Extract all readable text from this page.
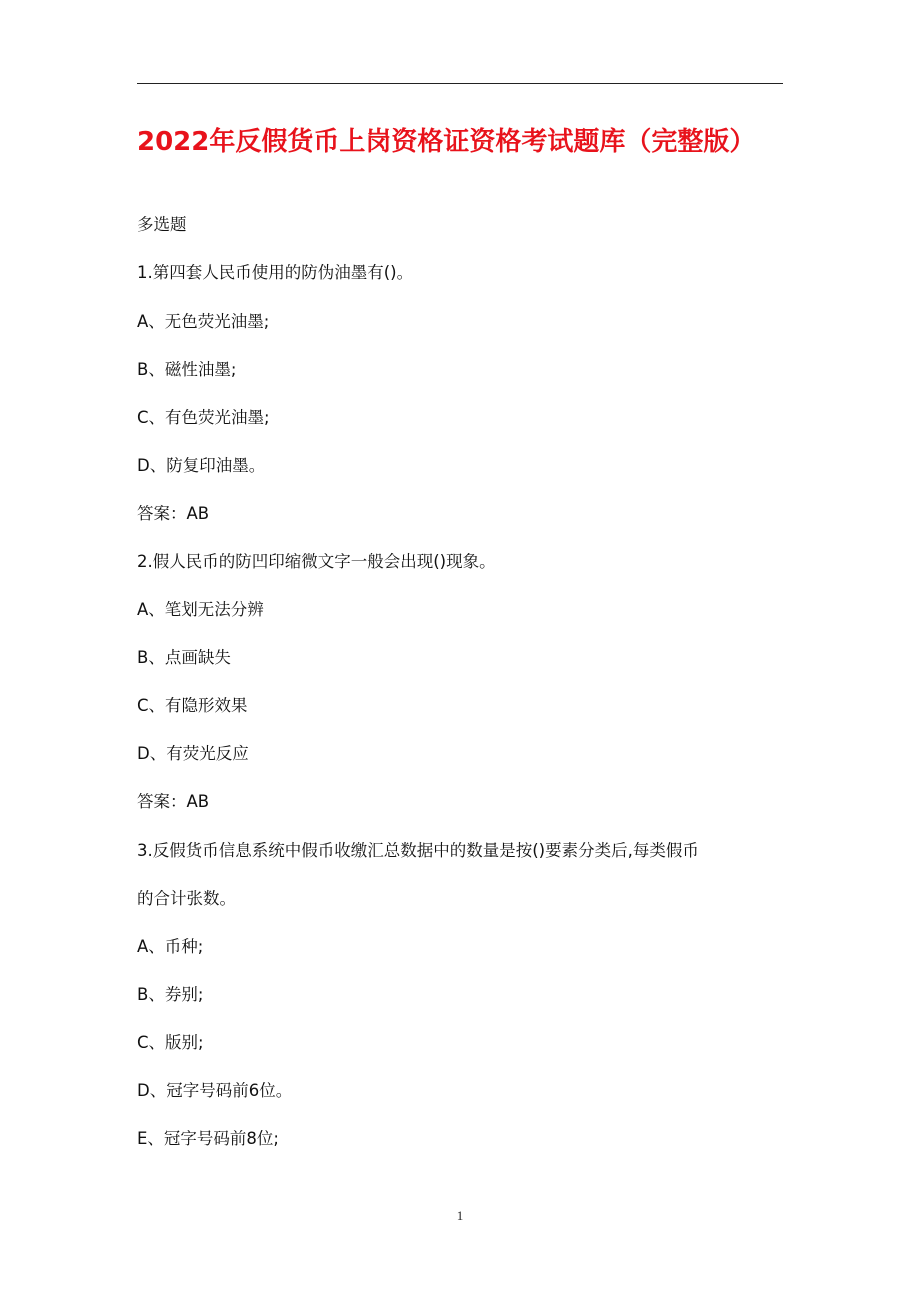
2022年反假货币上岗资格证资格考试题库（完整版）
多选题
1.第四套人民币使用的防伪油墨有()。
A、无色荧光油墨;
B、磁性油墨;
C、有色荧光油墨;
D、防复印油墨。
答案：AB
2.假人民币的防凹印缩微文字一般会出现()现象。
A、笔划无法分辨
B、点画缺失
C、有隐形效果
D、有荧光反应
答案：AB
3.反假货币信息系统中假币收缴汇总数据中的数量是按()要素分类后,每类假币
的合计张数。
A、币种;
B、券别;
C、版别;
D、冠字号码前6位。
E、冠字号码前8位;
1
